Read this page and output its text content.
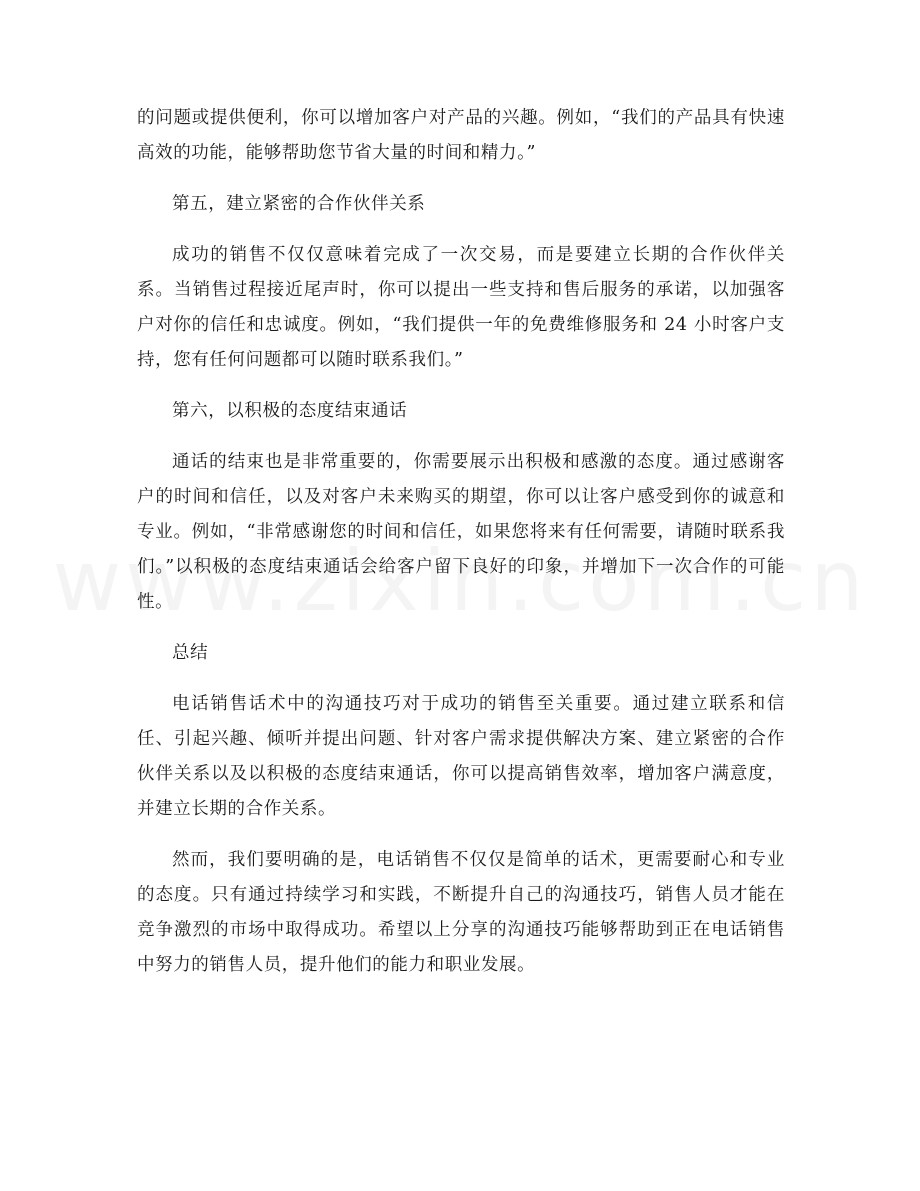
的问题或提供便利，你可以增加客户对产品的兴趣。例如，“我们的产品具有快速高效的功能，能够帮助您节省大量的时间和精力。”

第五，建立紧密的合作伙伴关系

成功的销售不仅仅意味着完成了一次交易，而是要建立长期的合作伙伴关系。当销售过程接近尾声时，你可以提出一些支持和售后服务的承诺，以加强客户对你的信任和忠诚度。例如，“我们提供一年的免费维修服务和 24 小时客户支持，您有任何问题都可以随时联系我们。”

第六，以积极的态度结束通话

通话的结束也是非常重要的，你需要展示出积极和感激的态度。通过感谢客户的时间和信任，以及对客户未来购买的期望，你可以让客户感受到你的诚意和专业。例如，“非常感谢您的时间和信任，如果您将来有任何需要，请随时联系我们。”以积极的态度结束通话会给客户留下良好的印象，并增加下一次合作的可能性。

总结

电话销售话术中的沟通技巧对于成功的销售至关重要。通过建立联系和信任、引起兴趣、倾听并提出问题、针对客户需求提供解决方案、建立紧密的合作伙伴关系以及以积极的态度结束通话，你可以提高销售效率，增加客户满意度，并建立长期的合作关系。

然而，我们要明确的是，电话销售不仅仅是简单的话术，更需要耐心和专业的态度。只有通过持续学习和实践，不断提升自己的沟通技巧，销售人员才能在竞争激烈的市场中取得成功。希望以上分享的沟通技巧能够帮助到正在电话销售中努力的销售人员，提升他们的能力和职业发展。
